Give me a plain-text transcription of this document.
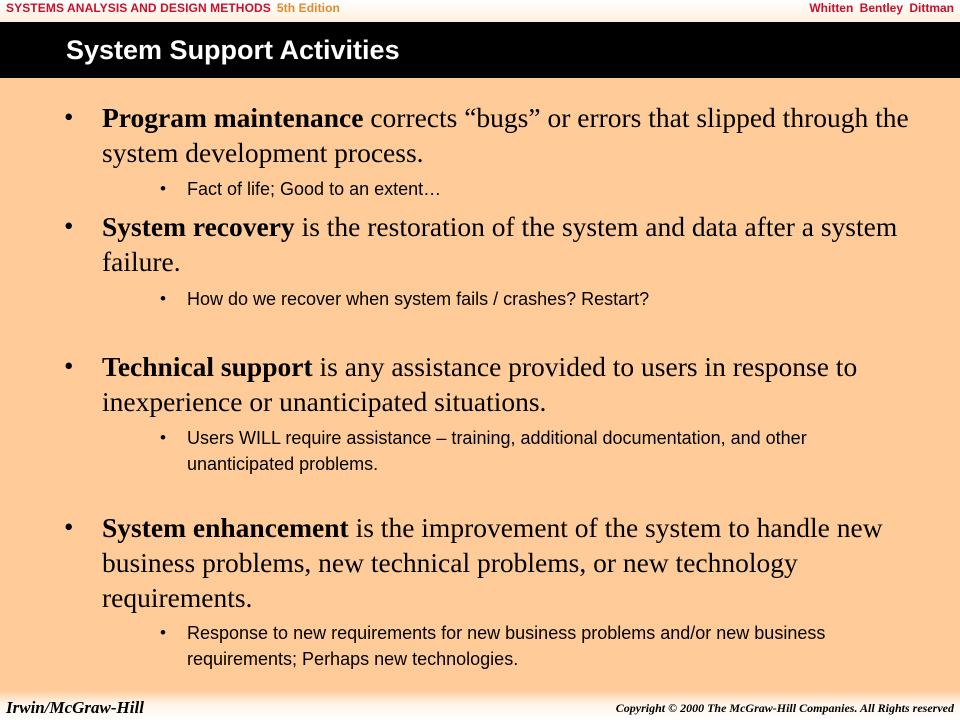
SYSTEMS ANALYSIS AND DESIGN METHODS 5th Edition	Whitten Bentley Dittman
System Support Activities
• Program maintenance corrects “bugs” or errors that slipped through the system development process.
• Fact of life; Good to an extent…
• System recovery is the restoration of the system and data after a system failure.
• How do we recover when system fails / crashes? Restart?
• Technical support is any assistance provided to users in response to inexperience or unanticipated situations.
• Users WILL require assistance – training, additional documentation, and other unanticipated problems.
• System enhancement is the improvement of the system to handle new business problems, new technical problems, or new technology requirements.
• Response to new requirements for new business problems and/or new business requirements; Perhaps new technologies.
Irwin/McGraw-Hill	Copyright © 2000 The McGraw-Hill Companies. All Rights reserved
